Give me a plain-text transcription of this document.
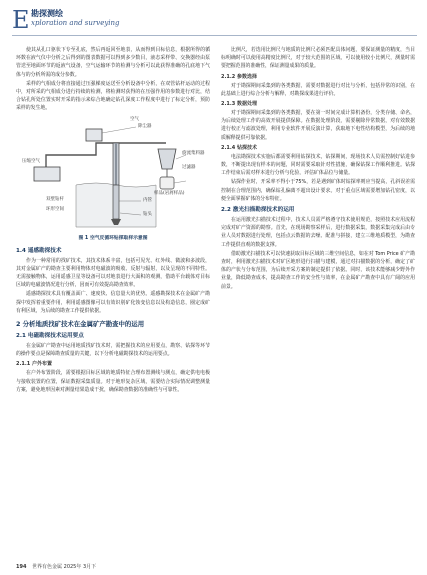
E 勘探测绘
xploration and surveying

使其从孔口驱状下专至孔底，然后再返回至地表，从而得到目标信息，根据所得的循环数在液气仪中分析之后得到的图表数据可以得到多少数目，液态采样带、交换器经由泵管送至地面环节的返液气设备，空气运输环节的检测与分析可以此获得准确的孔底地下气体与的分析所需的成分参数。

采样的气相成分将直接通过压强梯度运送至分析设备中分析，在双管钻杆运动的过程中，对所采的气相成分进行持续的检测，将检测时获得的在压强作用的参数进行对比，结合钻孔所处位置实时开采的指示来综合地确定钻孔深度工作程度中进行了标定分析，预防采样的发生地。

空气
除尘器
压缩空气
旋流集料器
过滤器
样品(岩屑样品)
内管
钻头
双壁钻杆
环形空间
图 1 空气反循环钻探取样示意图
1.4 遥感勘探技术

作为一种常用的找矿技术，其技术体系丰富，包括可见光、红外线、微波和多波段，其对金属矿产的勘查主要利用物体对电磁波的吸收、反射与辐射，以及呈现的不同特性。无需接触物体，运用遥感卫星等设备可以对地表进行大面积的观测，借助平台载体对目标区域的电磁波情况进行分析，因而可有效提高勘查效率。

遥感勘探技术具有覆盖面广、速度快、信息量大的优势。遥感勘探技术在金属矿产勘探中发挥着重要作用，利用遥感图像可以有效识别矿化蚀变信息以及构造信息，圈定成矿有利区域，为后续的勘查工作提供依据。

2 分析地质找矿技术在金属矿产勘查中的运用
2.1 电磁勘探技术运用要点

在金属矿产勘查中运用地质找矿技术时，需把握技术的应用要点，勘察、钻探等环节的操作要点是保障勘查质量的关键，以下分析电磁勘探技术的运用要点。

2.1.1 户外布置

在户外布置阶段，需要根据目标区域的地质特征合理布置测线与测点，确定供电电极与接收装置的位置，保证数据采集质量。对于地形复杂区域，需要结合实际情况调整测量方案，避免地形因素对测量结果造成干扰，确保勘查数据的准确性与可靠性。

比例尺，若选用比例尺与地质的比例尺必须匹配具体问题，要保证测量的精度，当目标明确时可以使用高精度比例尺，对于较大范围的区域，可以使用较小比例尺，测量时需要把握范围的准确性，保证测量成果的质量。

2.1.2 参数选择

对于勘探期间采集到的各类数据，需要对数据进行对比与分析，包括异常的识别，在此基础上进行综合分析与解释，对勘探成果进行评价。

2.1.3 数据处理

对于勘探期间采集到的各类数据，要在第一时间完成计算机备份，分类存储、命名，为后续处理工作的高效开展提供保障。在数据处理阶段，需要剔除异常数据，对有效数据进行校正与滤波处理，利用专业软件开展反演计算，获取地下电性结构模型，为后续的地质解释提供可靠依据。

2.1.4 钻探技术

电法勘探技术实施后都需要利用钻探技术，钻探期间，现场技术人员需控制好钻进参数，不断提出现有样本的问题，同时需要采取针对性措施，确保钻探工作顺利推进。钻探工作结束后需对样本进行分析与化验，评估矿体品位与储量。

钻探作业时，开采率不得小于75%，若是遇到矿体时钻探率则应当提高，孔斜误差需控制在合理范围内，确保钻孔偏离不超出设计要求。对于重点区域需要增加钻孔密度，以便全面掌握矿体的分布特征。

2.2 激光扫描勘探技术的运用

在运用激光扫描技术过程中，技术人员需严格遵守技术使用规范，按照技术应用流程完成对矿产资源的勘察。首先，在现场勘察采样后，进行数据采集，数据采集完成后由专业人员对数据进行处理，包括点云数据的去噪、配准与拼接，建立三维地质模型，为勘查工作提供直观的数据支撑。

借助激光扫描技术可以快速获取目标区域的三维空间信息，如在对 Tom Price 矿产勘查时，利用激光扫描技术对矿区地形进行扫描与建模，通过对扫描数据的分析，确定了矿体的产状与分布范围，为后续开采方案的制定提供了依据。同时，该技术能够减少野外作业量，降低勘查成本，提高勘查工作的安全性与效率，在金属矿产勘查中具有广阔的应用前景。

194 世界有色金属 2025年 3月下
